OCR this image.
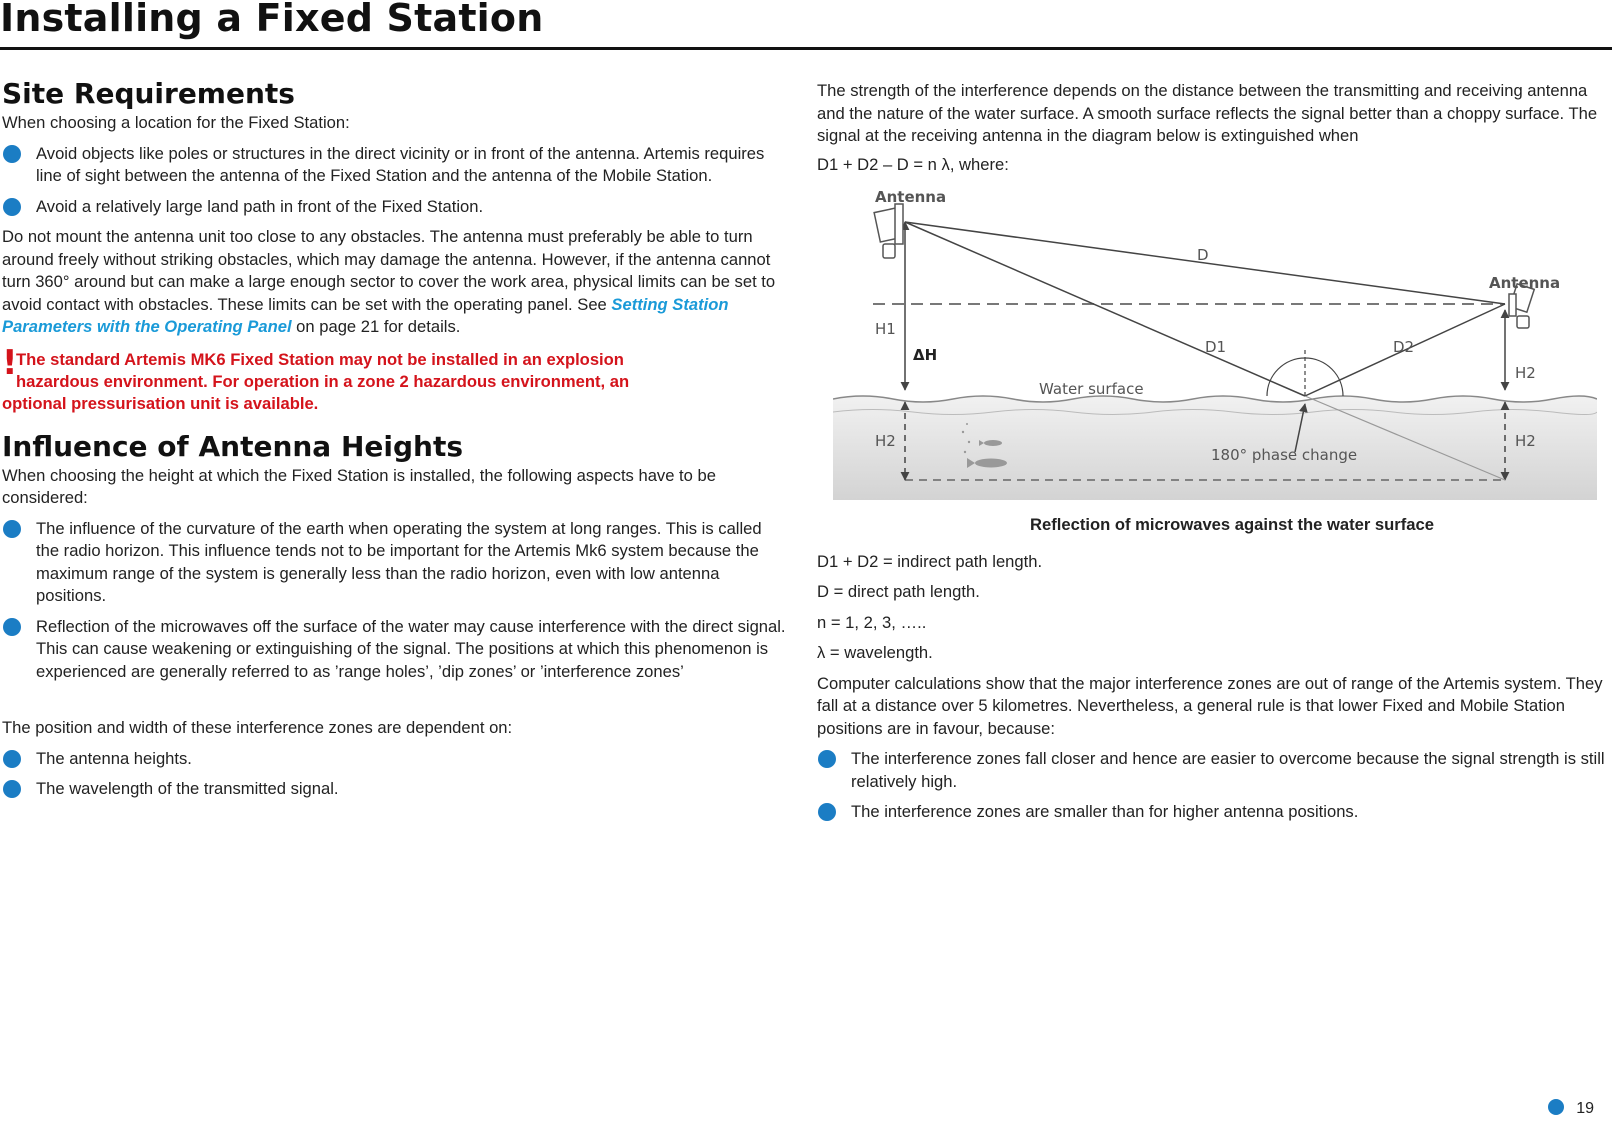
Installing a Fixed Station
Site Requirements

When choosing a location for the Fixed Station:

Avoid objects like poles or structures in the direct vicinity or in front of the antenna. Artemis requires line of sight between the antenna of the Fixed Station and the antenna of the Mobile Station.
Avoid a relatively large land path in front of the Fixed Station.

Do not mount the antenna unit too close to any obstacles. The antenna must preferably be able to turn around freely without striking obstacles, which may damage the antenna. However, if the antenna cannot turn 360° around but can make a large enough sector to cover the work area, physical limits can be set to avoid contact with obstacles. These limits can be set with the operating panel. See Setting Station Parameters with the Operating Panel on page 21 for details.

!
The standard Artemis MK6 Fixed Station may not be installed in an explosion
hazardous environment. For operation in a zone 2 hazardous environment, an
optional pressurisation unit is available.
Influence of Antenna Heights

When choosing the height at which the Fixed Station is installed, the following aspects have to be considered:

The influence of the curvature of the earth when operating the system at long ranges. This is called the radio horizon. This influence tends not to be important for the Artemis Mk6 system because the maximum range of the system is generally less than the radio horizon, even with low antenna positions.
Reflection of the microwaves off the surface of the water may cause interference with the direct signal. This can cause weakening or extinguishing of the signal. The positions at which this phenomenon is experienced are generally referred to as ’range holes’, ’dip zones’ or ’interference zones’

The position and width of these interference zones are dependent on:

The antenna heights.
The wavelength of the transmitted signal.

The strength of the interference depends on the distance between the transmitting and receiving antenna and the nature of the water surface. A smooth surface reflects the signal better than a choppy surface. The signal at the receiving antenna in the diagram below is extinguished when

D1 + D2 – D = n λ, where:

Antenna
Antenna
D
D1	D2
H1
ΔH
H2
Water surface
H2	H2
180° phase change
Reflection of microwaves against the water surface

D1 + D2 = indirect path length.

D = direct path length.

n = 1, 2, 3, …..

λ = wavelength.

Computer calculations show that the major interference zones are out of range of the Artemis system. They fall at a distance over 5 kilometres. Nevertheless, a general rule is that lower Fixed and Mobile Station positions are in favour, because:

The interference zones fall closer and hence are easier to overcome because the signal strength is still relatively high.
The interference zones are smaller than for higher antenna positions.
19
